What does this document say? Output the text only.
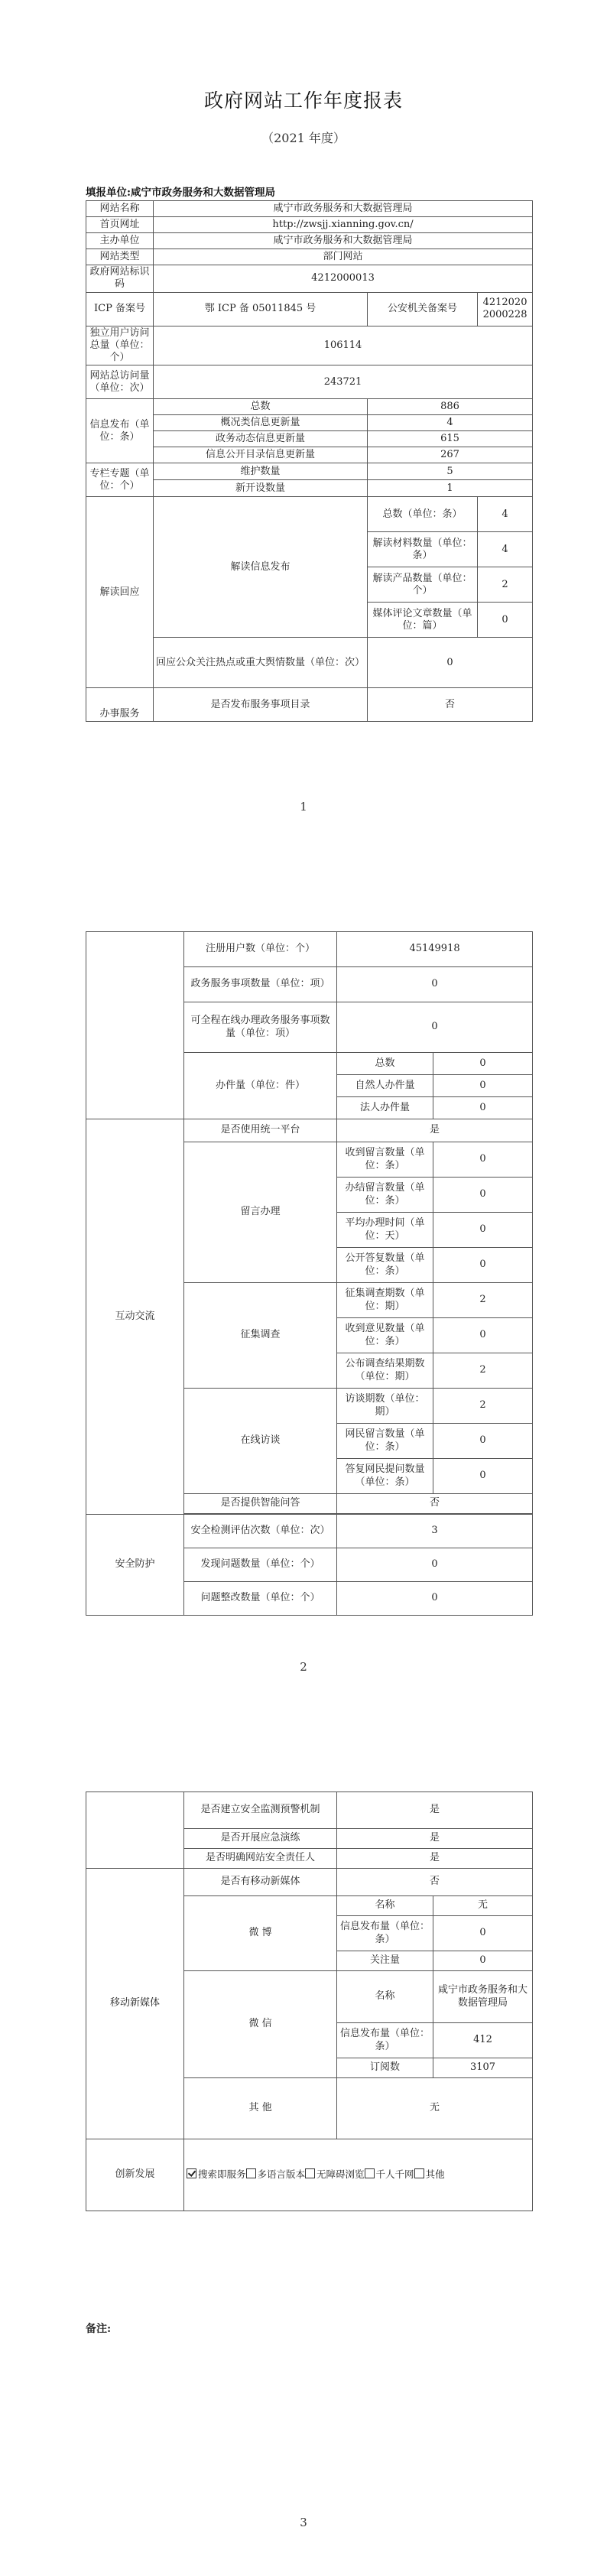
政府网站工作年度报表
（2021 年度）
填报单位:咸宁市政务服务和大数据管理局
网站名称	咸宁市政务服务和大数据管理局		
首页网址	http://zwsjj.xianning.gov.cn/		
主办单位	咸宁市政务服务和大数据管理局		
网站类型	部门网站		
政府网站标识码	4212000013		
ICP 备案号	鄂 ICP 备 05011845 号	公安机关备案号	42120202000228
独立用户访问总量（单位：个）	106114		
网站总访问量（单位：次）	243721		
信息发布（单位：条）	总数	886	
	概况类信息更新量	4	
	政务动态信息更新量	615	
	信息公开目录信息更新量	267	
专栏专题（单位：个）	维护数量	5	
	新开设数量	1	
解读回应	解读信息发布	总数（单位：条）	4
		解读材料数量（单位：条）	4
		解读产品数量（单位：个）	2
		媒体评论文章数量（单位：篇）	0
	回应公众关注热点或重大舆情数量（单位：次）	0	
办事服务	是否发布服务事项目录	否	
1
	注册用户数（单位：个）	45149918	
	政务服务事项数量（单位：项）	0	
	可全程在线办理政务服务事项数量（单位：项）	0	
	办件量（单位：件）	总数	0
		自然人办件量	0
		法人办件量	0
互动交流	是否使用统一平台	是	
	留言办理	收到留言数量（单位：条）	0
		办结留言数量（单位：条）	0
		平均办理时间（单位：天）	0
		公开答复数量（单位：条）	0
	征集调查	征集调查期数（单位：期）	2
		收到意见数量（单位：条）	0
		公布调查结果期数（单位：期）	2
	在线访谈	访谈期数（单位：期）	2
		网民留言数量（单位：条）	0
		答复网民提问数量（单位：条）	0
	是否提供智能问答	否	

安全防护	安全检测评估次数（单位：次）	3	
	发现问题数量（单位：个）	0	
	问题整改数量（单位：个）	0	
2
	是否建立安全监测预警机制	是	
	是否开展应急演练	是	
	是否明确网站安全责任人	是	
移动新媒体	是否有移动新媒体	否	
	微 博	名称	无
		信息发布量（单位：条）	0
		关注量	0
	微 信	名称	咸宁市政务服务和大数据管理局
		信息发布量（单位：条）	412
		订阅数	3107
	其 他	无	
创新发展	搜索即服务 多语言版本 无障碍浏览 千人千网 其他		
备注:
3
